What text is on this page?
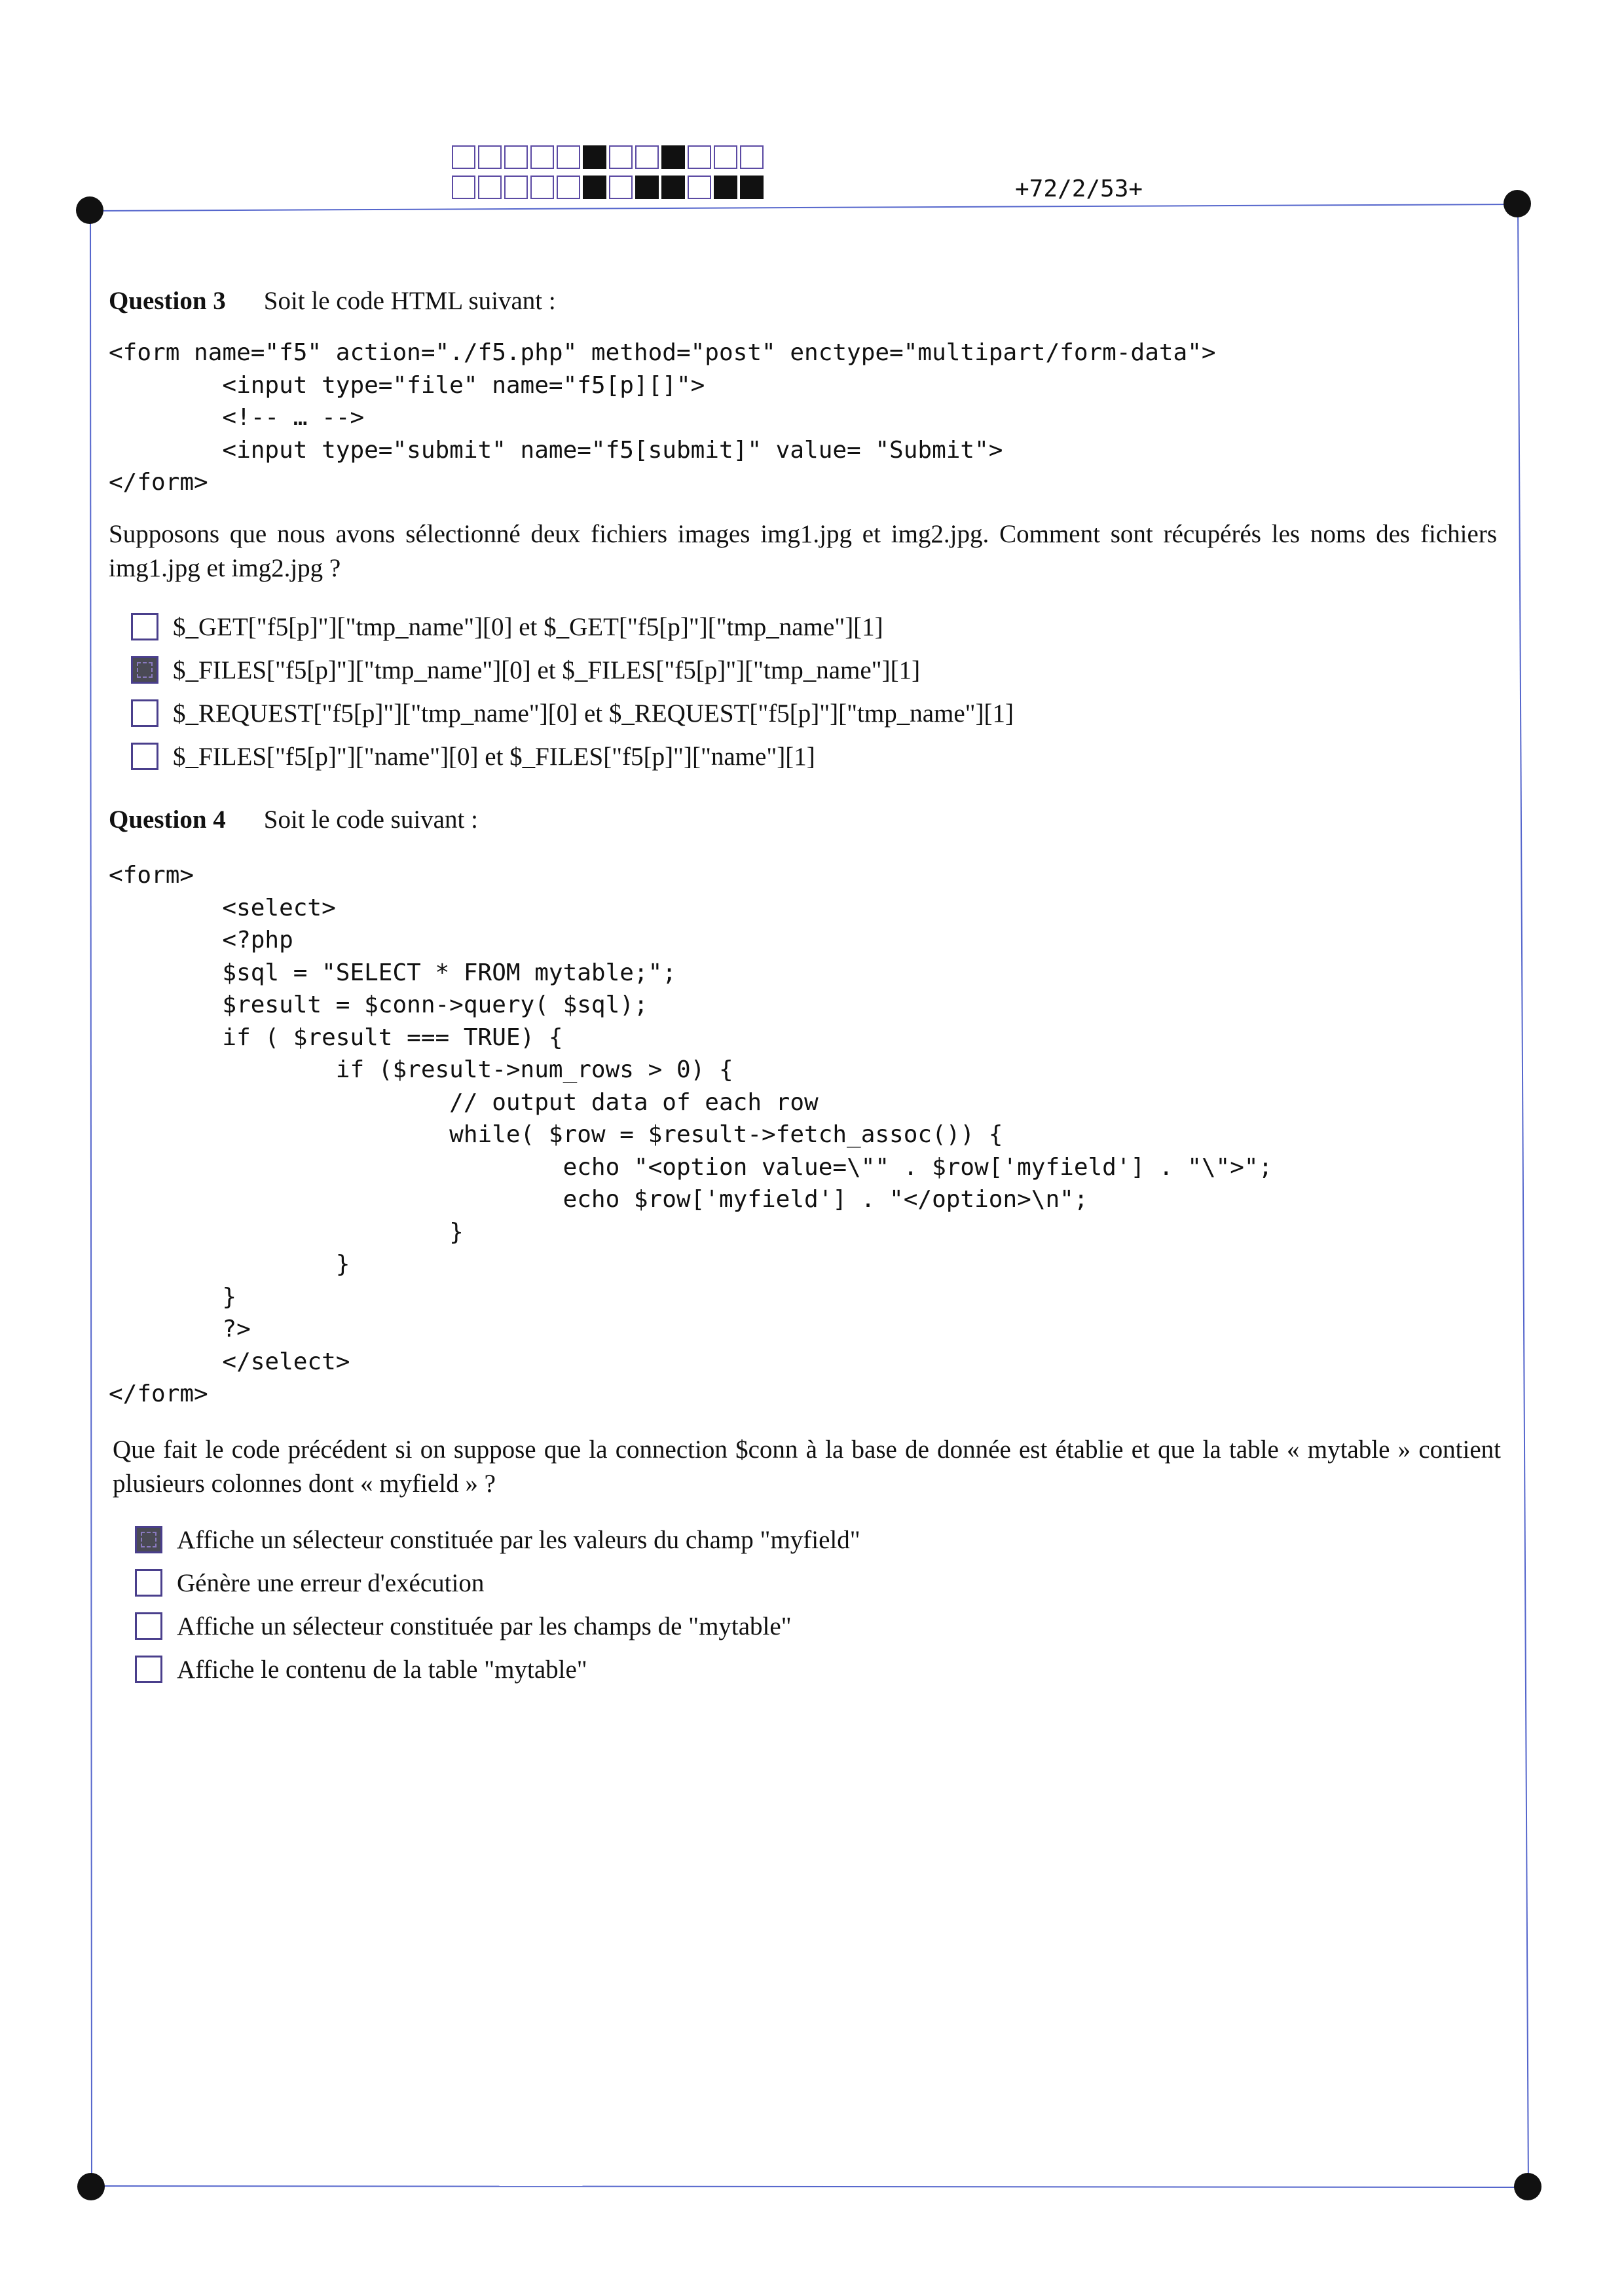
+72/2/53+
Question 3 Soit le code HTML suivant :
<form name="f5" action="./f5.php" method="post" enctype="multipart/form-data">
<input type="file" name="f5[p][]">
<!-- … -->
<input type="submit" name="f5[submit]" value= "Submit">
</form>
Supposons que nous avons sélectionné deux fichiers images img1.jpg et img2.jpg. Comment sont récupérés les noms des fichiers img1.jpg et img2.jpg ?
$_GET["f5[p]"]["tmp_name"][0] et $_GET["f5[p]"]["tmp_name"][1]
$_FILES["f5[p]"]["tmp_name"][0] et $_FILES["f5[p]"]["tmp_name"][1]
$_REQUEST["f5[p]"]["tmp_name"][0] et $_REQUEST["f5[p]"]["tmp_name"][1]
$_FILES["f5[p]"]["name"][0] et $_FILES["f5[p]"]["name"][1]
Question 4 Soit le code suivant :
<form>
<select>
<?php
$sql = "SELECT * FROM mytable;";
$result = $conn->query( $sql);
if ( $result === TRUE) {
if ($result->num_rows > 0) {
// output data of each row
while( $row = $result->fetch_assoc()) {
echo "<option value=\"" . $row['myfield'] . "\">";
echo $row['myfield'] . "</option>\n";
}
}
}
?>
</select>
</form>
Que fait le code précédent si on suppose que la connection $conn à la base de donnée est établie et que la table « mytable » contient plusieurs colonnes dont « myfield » ?
Affiche un sélecteur constituée par les valeurs du champ "myfield"
Génère une erreur d'exécution
Affiche un sélecteur constituée par les champs de "mytable"
Affiche le contenu de la table "mytable"
